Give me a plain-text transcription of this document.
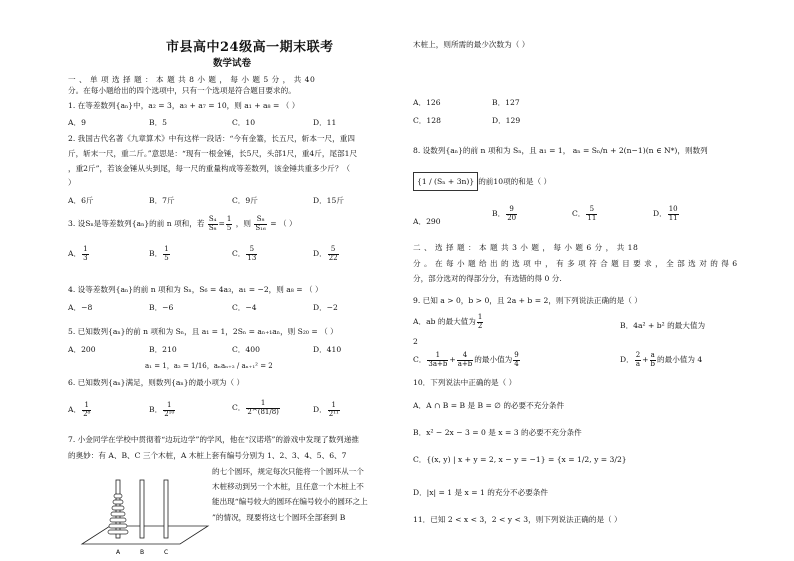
市县高中24级高一期末联考
数学试卷
一 、 单 项 选 择 题 ： 本 题 共 8 小 题 ， 每 小 题 5 分 ， 共 40
分。在每小题给出的四个选项中，只有一个选项是符合题目要求的。
1. 在等差数列{aₙ}中，a₂ = 3，a₃ + a₇ = 10，则 a₁ + a₈ = （ ）
A．9	B．5	C．10	D．11
2. 我国古代名著《九章算术》中有这样一段话：“今有金箠，长五尺，斩本一尺，重四
斤，斩末一尺，重二斤。”意思是：“现有一根金锤，长5尺，头部1尺，重4斤，尾部1尺
，重2斤”，若该金锤从头到尾，每一尺的重量构成等差数列，该金锤共重多少斤？（
）
A．6斤	B．7斤	C．9斤	D．15斤
3. 设Sₙ是等差数列{aₙ}的前 n 项和，若 $\frac{\text{S₄}}{\text{S₈}} = \frac{1}{5}$ ，则 $\frac{\text{S₈}}{\text{S₁₆}}$ = （ ）
A． $\frac{1}{3}$	B． $\frac{1}{5}$	C． $\frac{5}{13}$	D． $\frac{5}{22}$
4. 设等差数列{aₙ}的前 n 项和为 Sₙ，S₆ = 4a₃，a₁ = −2，则 a₈ = （ ）
A．−8	B．−6	C．−4	D．−2
5. 已知数列{aₙ}的前 n 项和为 Sₙ，且 a₁ = 1，2Sₙ = aₙ₊₁aₙ，则 S₂₀ = （ ）
A．200	B．210	C．400	D．410
a₁ = 1，a₂ = 1/16，aₙaₙ₊₂ / aₙ₊₁² = 2
6. 已知数列{aₙ}满足，则数列{aₙ}的最小项为（ ）
A． $\frac{1}{\text{2⁸}}$	B． $\frac{1}{\text{2¹⁰}}$	C． $\frac{1}{2\^{}(81/8)}$	D． $\frac{1}{\text{2¹¹}}$
7. 小金同学在学校中贯彻着“边玩边学”的学风，他在“汉诺塔”的游戏中发现了数列递推
的奥妙：有 A、B、C 三个木桩，A 木桩上套有编号分别为 1、2、3、4、5、6、7
的七个圆环，规定每次只能将一个圆环从一个
木桩移动到另一个木桩，且任意一个木桩上不
能出现“编号较大的圆环在编号较小的圆环之上
”的情况，现要将这七个圆环全部套到 B
A	B	C
木桩上，则所需的最少次数为（ ）
A．126	B．127
C．128	D．129
8. 设数列{aₙ}的前 n 项和为 Sₙ，且 a₁ = 1， aₙ = Sₙ/n + 2(n−1)(n ∈ N*)，则数列
{1 / (Sₙ + 3n)} 的前10项的和是（ ）
A．290
B． $\frac{9}{20}$	C． $\frac{5}{11}$	D． $\frac{10}{11}$
二 、 选 择 题 ： 本 题 共 3 小 题 ， 每 小 题 6 分 ， 共 18
分 。 在 每 小 题 给 出 的 选 项 中 ， 有 多 项 符 合 题 目 要 求 ， 全 部 选 对 的 得 6
分，部分选对的得部分分，有选错的得 0 分.
9. 已知 a > 0，b > 0，且 2a + b = 2，则下列说法正确的是（ ）
A．ab 的最大值为 $\frac{1}{2}$	B．4a² + b² 的最大值为
2
C． $\frac{1}{3a+b} + \frac{4}{a+b}$ 的最小值为 $\frac{9}{4}$	D． $\frac{2}{a} + \frac{a}{b}$ 的最小值为 4
10．下列说法中正确的是（ ）
A．A ∩ B = B 是 B = ∅ 的必要不充分条件
B．x² − 2x − 3 = 0 是 x = 3 的必要不充分条件
C．{(x, y) | x + y = 2, x − y = −1} = {x = 1/2, y = 3/2}
D．|x| = 1 是 x = 1 的充分不必要条件
11．已知 2 < x < 3，2 < y < 3，则下列说法正确的是（ ）
